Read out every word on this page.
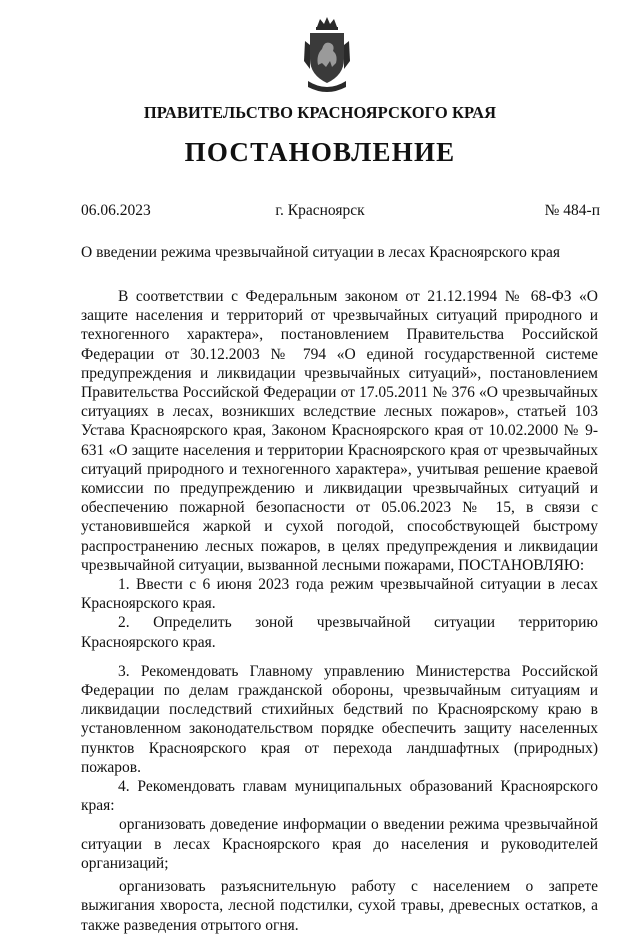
ПРАВИТЕЛЬСТВО КРАСНОЯРСКОГО КРАЯ
ПОСТАНОВЛЕНИЕ
06.06.2023	г. Красноярск	№ 484-п
О введении режима чрезвычайной ситуации в лесах Красноярского края

В соответствии с Федеральным законом от 21.12.1994 № 68-ФЗ «О защите населения и территорий от чрезвычайных ситуаций природного и техногенного характера», постановлением Правительства Российской Федерации от 30.12.2003 № 794 «О единой государственной системе предупреждения и ликвидации чрезвычайных ситуаций», постановлением Правительства Российской Федерации от 17.05.2011 № 376 «О чрезвычайных ситуациях в лесах, возникших вследствие лесных пожаров», статьей 103 Устава Красноярского края, Законом Красноярского края от 10.02.2000 № 9-631 «О защите населения и территории Красноярского края от чрезвычайных ситуаций природного и техногенного характера», учитывая решение краевой комиссии по предупреждению и ликвидации чрезвычайных ситуаций и обеспечению пожарной безопасности от 05.06.2023 № 15, в связи с установившейся жаркой и сухой погодой, способствующей быстрому распространению лесных пожаров, в целях предупреждения и ликвидации чрезвычайной ситуации, вызванной лесными пожарами, ПОСТАНОВЛЯЮ:

1. Ввести с 6 июня 2023 года режим чрезвычайной ситуации в лесах Красноярского края.

2. Определить зоной чрезвычайной ситуации территорию Красноярского края.

3. Рекомендовать Главному управлению Министерства Российской Федерации по делам гражданской обороны, чрезвычайным ситуациям и ликвидации последствий стихийных бедствий по Красноярскому краю в установленном законодательством порядке обеспечить защиту населенных пунктов Красноярского края от перехода ландшафтных (природных) пожаров.

4. Рекомендовать главам муниципальных образований Красноярского края:

организовать доведение информации о введении режима чрезвычайной ситуации в лесах Красноярского края до населения и руководителей организаций;

организовать разъяснительную работу с населением о запрете выжигания хвороста, лесной подстилки, сухой травы, древесных остатков, а также разведения отрытого огня.
